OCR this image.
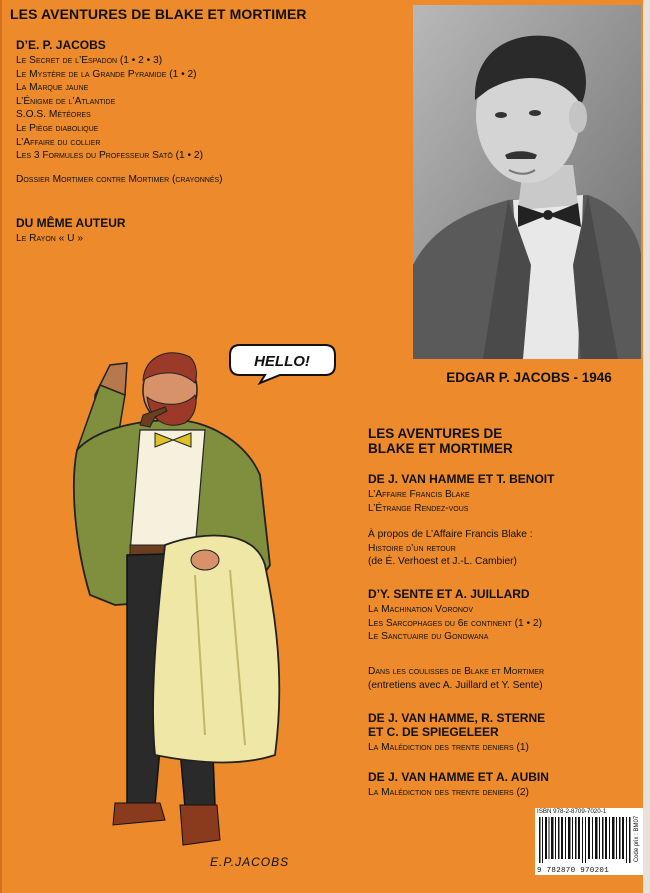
LES AVENTURES DE BLAKE ET MORTIMER
D’E. P. JACOBS
Le Secret de l’Espadon (1 • 2 • 3)
Le Mystère de la Grande Pyramide (1 • 2)
La Marque jaune
L’Énigme de l’Atlantide
S.O.S. Météores
Le Piège diabolique
L’Affaire du collier
Les 3 Formules du Professeur Satō (1 • 2)
Dossier Mortimer contre Mortimer (crayonnés)
DU MÊME AUTEUR
Le Rayon « U »
EDGAR P. JACOBS - 1946
HELLO!
E.P.JACOBS
LES AVENTURES DE
BLAKE ET MORTIMER
DE J. VAN HAMME ET T. BENOIT
L’Affaire Francis Blake
L’Étrange Rendez-vous
À propos de L’Affaire Francis Blake :
Histoire d’un retour
(de É. Verhoest et J.-L. Cambier)
D’Y. SENTE ET A. JUILLARD
La Machination Voronov
Les Sarcophages du 6e continent (1 • 2)
Le Sanctuaire du Gondwana
Dans les coulisses de Blake et Mortimer
(entretiens avec A. Juillard et Y. Sente)
DE J. VAN HAMME, R. STERNE
ET C. DE SPIEGELEER
La Malédiction des trente deniers (1)
DE J. VAN HAMME ET A. AUBIN
La Malédiction des trente deniers (2)
ISBN 978-2-8709-7020-1
9 782870 970201
Code prix : BM07
